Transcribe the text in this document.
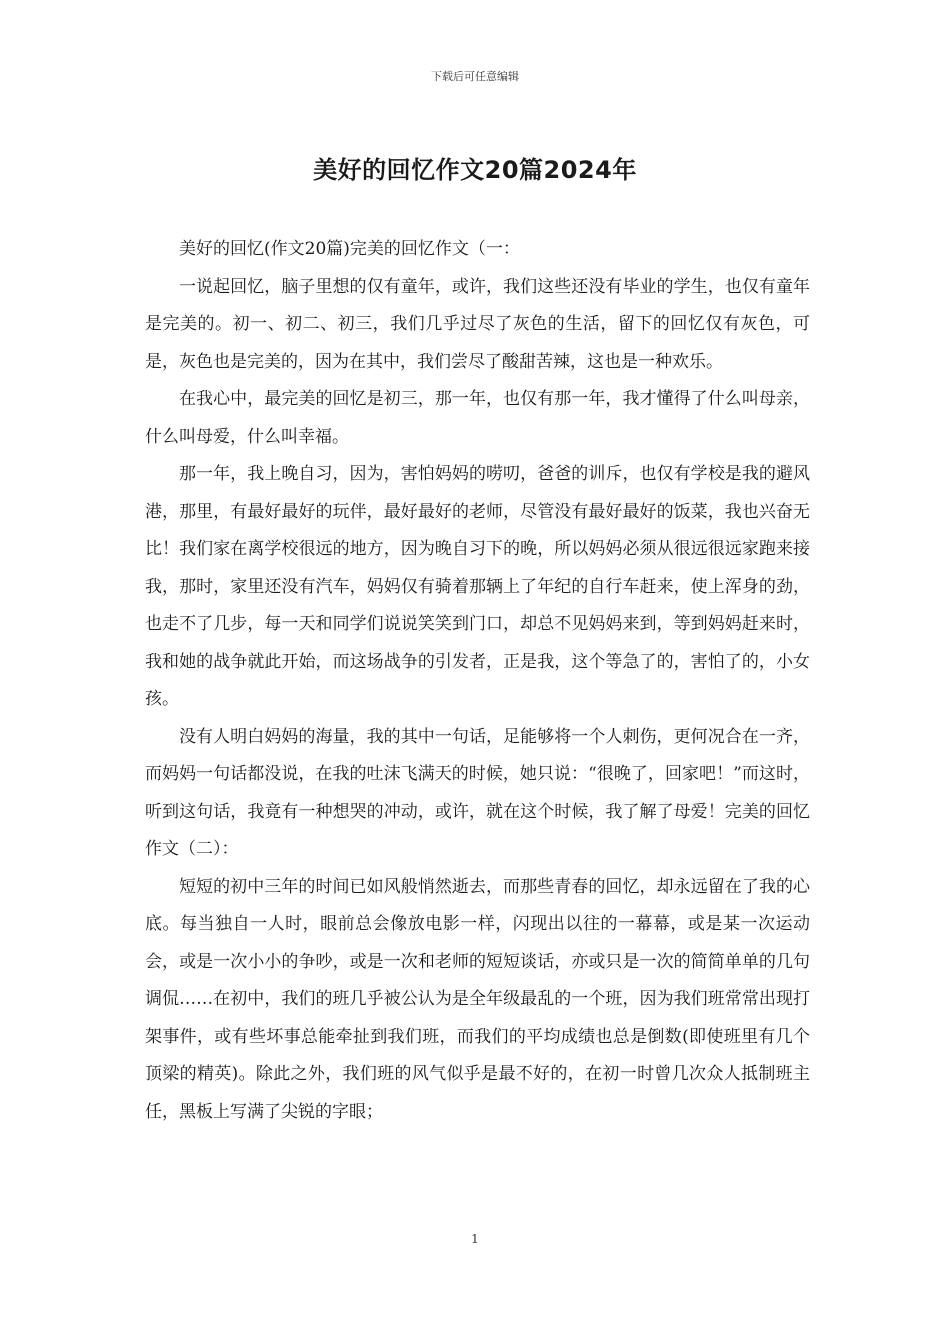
下载后可任意编辑
美好的回忆作文20篇2024年

美好的回忆(作文20篇)完美的回忆作文（一：

一说起回忆，脑子里想的仅有童年，或许，我们这些还没有毕业的学生，也仅有童年是完美的。初一、初二、初三，我们几乎过尽了灰色的生活，留下的回忆仅有灰色，可是，灰色也是完美的，因为在其中，我们尝尽了酸甜苦辣，这也是一种欢乐。

在我心中，最完美的回忆是初三，那一年，也仅有那一年，我才懂得了什么叫母亲，什么叫母爱，什么叫幸福。

那一年，我上晚自习，因为，害怕妈妈的唠叨，爸爸的训斥，也仅有学校是我的避风港，那里，有最好最好的玩伴，最好最好的老师，尽管没有最好最好的饭菜，我也兴奋无比！我们家在离学校很远的地方，因为晚自习下的晚，所以妈妈必须从很远很远家跑来接我，那时，家里还没有汽车，妈妈仅有骑着那辆上了年纪的自行车赶来，使上浑身的劲，也走不了几步，每一天和同学们说说笑笑到门口，却总不见妈妈来到，等到妈妈赶来时，我和她的战争就此开始，而这场战争的引发者，正是我，这个等急了的，害怕了的，小女孩。

没有人明白妈妈的海量，我的其中一句话，足能够将一个人刺伤，更何况合在一齐，而妈妈一句话都没说，在我的吐沫飞满天的时候，她只说：“很晚了，回家吧！”而这时，听到这句话，我竟有一种想哭的冲动，或许，就在这个时候，我了解了母爱！完美的回忆作文（二）：

短短的初中三年的时间已如风般悄然逝去，而那些青春的回忆，却永远留在了我的心底。每当独自一人时，眼前总会像放电影一样，闪现出以往的一幕幕，或是某一次运动会，或是一次小小的争吵，或是一次和老师的短短谈话，亦或只是一次的简简单单的几句调侃……在初中，我们的班几乎被公认为是全年级最乱的一个班，因为我们班常常出现打架事件，或有些坏事总能牵扯到我们班，而我们的平均成绩也总是倒数(即使班里有几个顶梁的精英)。除此之外，我们班的风气似乎是最不好的，在初一时曾几次众人抵制班主任，黑板上写满了尖锐的字眼；

1
